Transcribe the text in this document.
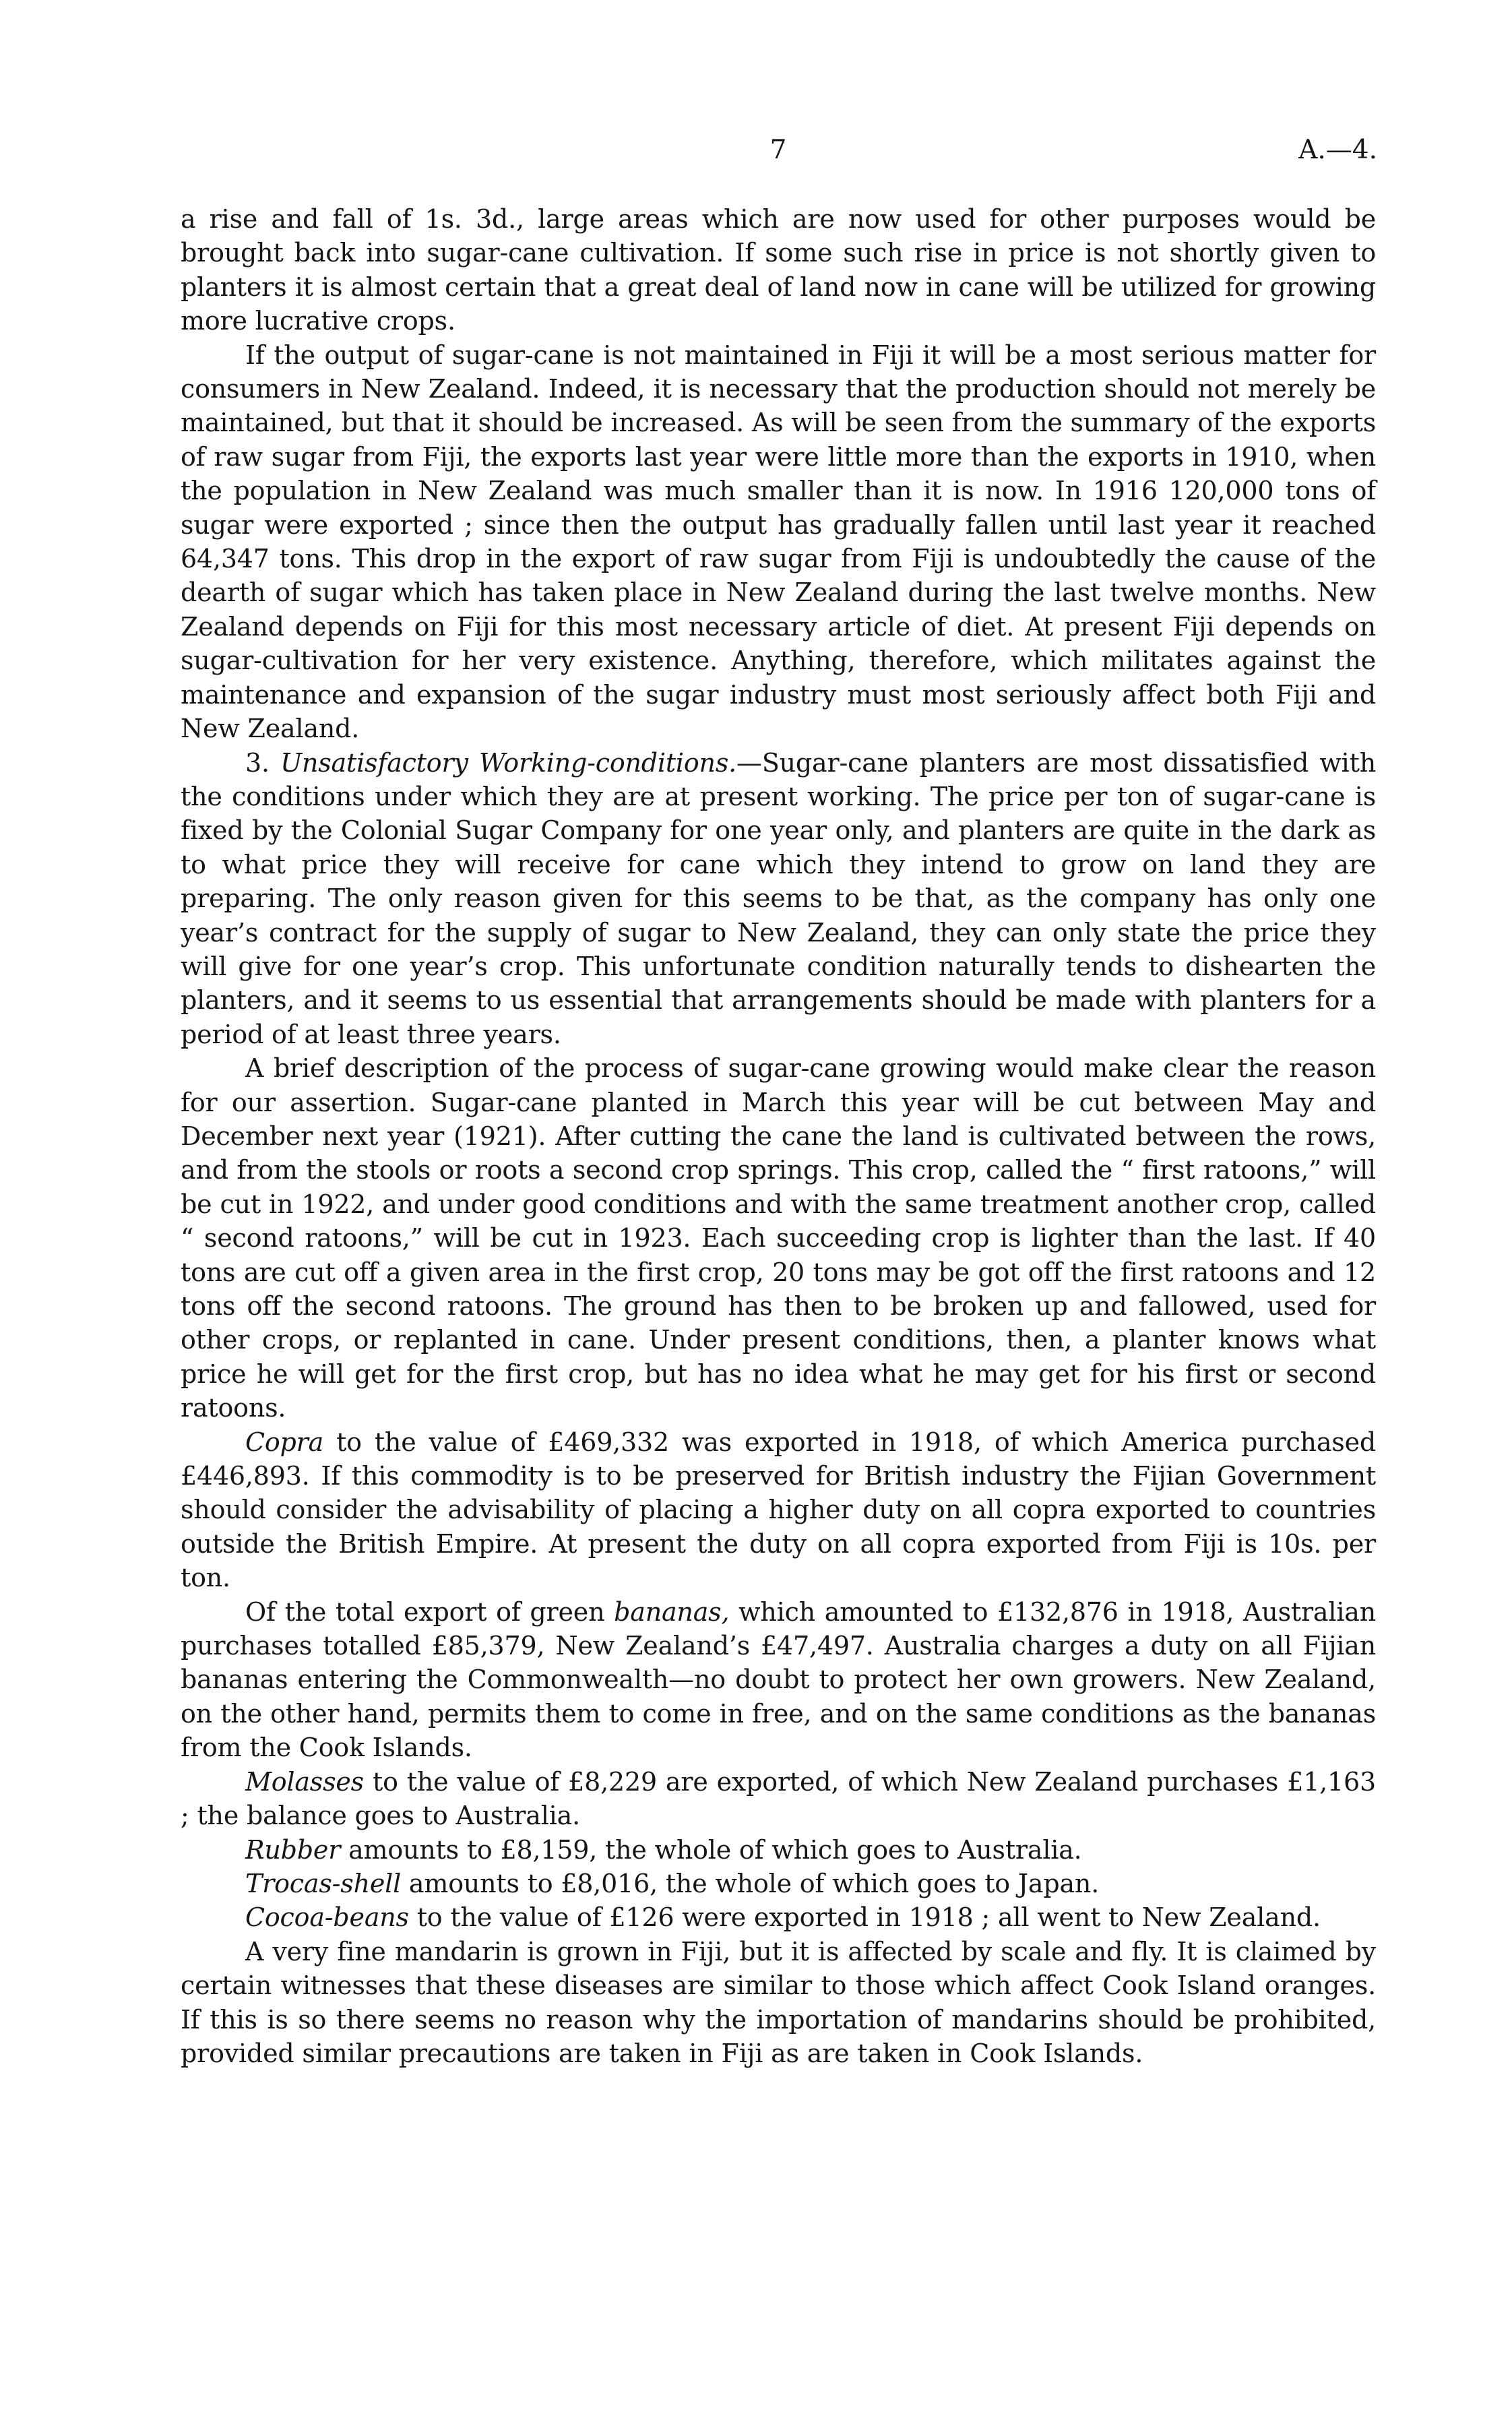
7	A.—4.

a rise and fall of 1s. 3d., large areas which are now used for other purposes would be brought back into sugar-cane cultivation. If some such rise in price is not shortly given to planters it is almost certain that a great deal of land now in cane will be utilized for growing more lucrative crops.

If the output of sugar-cane is not maintained in Fiji it will be a most serious matter for consumers in New Zealand. Indeed, it is necessary that the production should not merely be maintained, but that it should be increased. As will be seen from the summary of the exports of raw sugar from Fiji, the exports last year were little more than the exports in 1910, when the population in New Zealand was much smaller than it is now. In 1916 120,000 tons of sugar were exported ; since then the output has gradually fallen until last year it reached 64,347 tons. This drop in the export of raw sugar from Fiji is undoubtedly the cause of the dearth of sugar which has taken place in New Zealand during the last twelve months. New Zealand depends on Fiji for this most necessary article of diet. At present Fiji depends on sugar-cultivation for her very existence. Anything, therefore, which militates against the maintenance and expansion of the sugar industry must most seriously affect both Fiji and New Zealand.

3. Unsatisfactory Working-conditions.—Sugar-cane planters are most dissatisfied with the conditions under which they are at present working. The price per ton of sugar-cane is fixed by the Colonial Sugar Company for one year only, and planters are quite in the dark as to what price they will receive for cane which they intend to grow on land they are preparing. The only reason given for this seems to be that, as the company has only one year’s contract for the supply of sugar to New Zealand, they can only state the price they will give for one year’s crop. This unfortunate condition naturally tends to dishearten the planters, and it seems to us essential that arrangements should be made with planters for a period of at least three years.

A brief description of the process of sugar-cane growing would make clear the reason for our assertion. Sugar-cane planted in March this year will be cut between May and December next year (1921). After cutting the cane the land is cultivated between the rows, and from the stools or roots a second crop springs. This crop, called the “ first ratoons,” will be cut in 1922, and under good conditions and with the same treatment another crop, called “ second ratoons,” will be cut in 1923. Each succeeding crop is lighter than the last. If 40 tons are cut off a given area in the first crop, 20 tons may be got off the first ratoons and 12 tons off the second ratoons. The ground has then to be broken up and fallowed, used for other crops, or replanted in cane. Under present conditions, then, a planter knows what price he will get for the first crop, but has no idea what he may get for his first or second ratoons.

Copra to the value of £469,332 was exported in 1918, of which America purchased £446,893. If this commodity is to be preserved for British industry the Fijian Government should consider the advisability of placing a higher duty on all copra exported to countries outside the British Empire. At present the duty on all copra exported from Fiji is 10s. per ton.

Of the total export of green bananas, which amounted to £132,876 in 1918, Australian purchases totalled £85,379, New Zealand’s £47,497. Australia charges a duty on all Fijian bananas entering the Commonwealth—no doubt to protect her own growers. New Zealand, on the other hand, permits them to come in free, and on the same conditions as the bananas from the Cook Islands.

Molasses to the value of £8,229 are exported, of which New Zealand purchases £1,163 ; the balance goes to Australia.

Rubber amounts to £8,159, the whole of which goes to Australia.

Trocas-shell amounts to £8,016, the whole of which goes to Japan.

Cocoa-beans to the value of £126 were exported in 1918 ; all went to New Zealand.

A very fine mandarin is grown in Fiji, but it is affected by scale and fly. It is claimed by certain witnesses that these diseases are similar to those which affect Cook Island oranges. If this is so there seems no reason why the importation of mandarins should be prohibited, provided similar precautions are taken in Fiji as are taken in Cook Islands.
